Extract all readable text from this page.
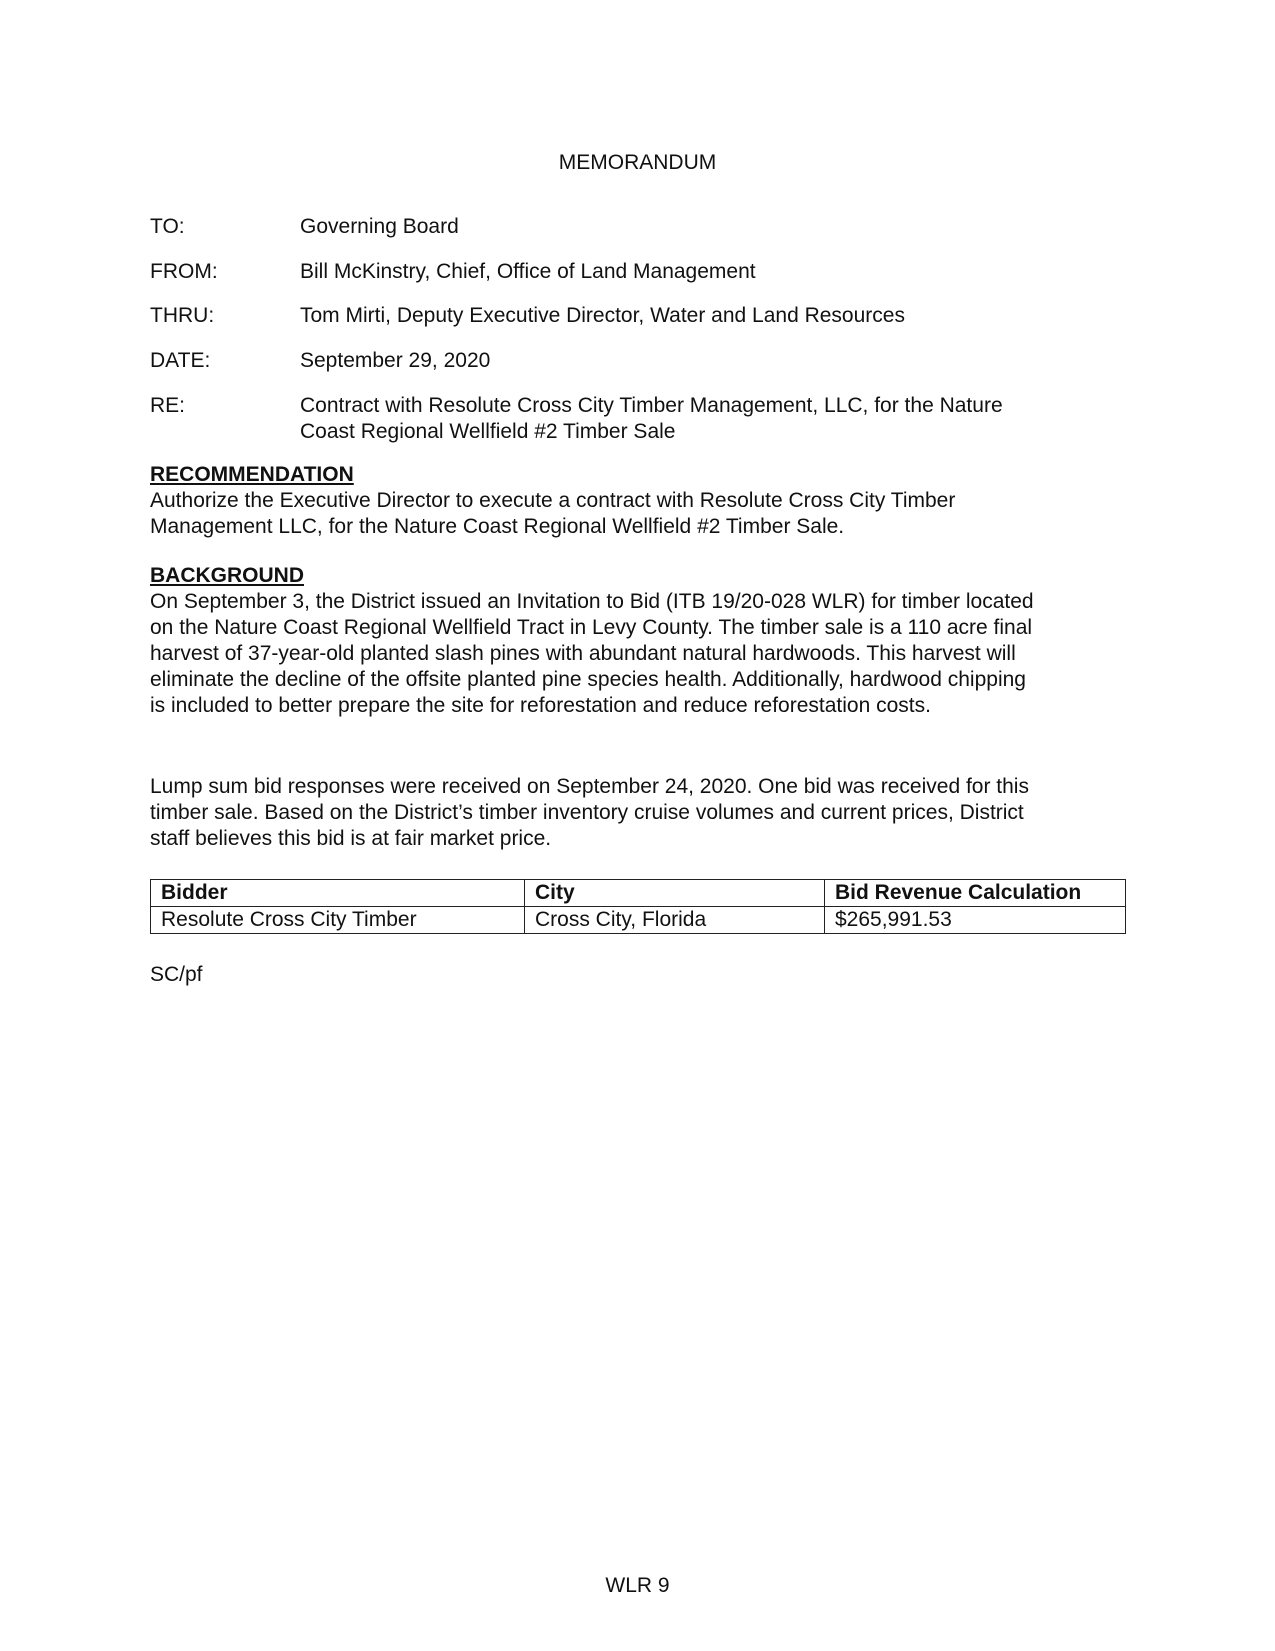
MEMORANDUM
TO:	Governing Board
FROM:	Bill McKinstry, Chief, Office of Land Management
THRU:	Tom Mirti, Deputy Executive Director, Water and Land Resources
DATE:	September 29, 2020
RE:	Contract with Resolute Cross City Timber Management, LLC, for the Nature
Coast Regional Wellfield #2 Timber Sale
RECOMMENDATION
Authorize the Executive Director to execute a contract with Resolute Cross City Timber
Management LLC, for the Nature Coast Regional Wellfield #2 Timber Sale.
BACKGROUND
On September 3, the District issued an Invitation to Bid (ITB 19/20-028 WLR) for timber located
on the Nature Coast Regional Wellfield Tract in Levy County. The timber sale is a 110 acre final
harvest of 37-year-old planted slash pines with abundant natural hardwoods. This harvest will
eliminate the decline of the offsite planted pine species health. Additionally, hardwood chipping
is included to better prepare the site for reforestation and reduce reforestation costs.
Lump sum bid responses were received on September 24, 2020. One bid was received for this
timber sale. Based on the District’s timber inventory cruise volumes and current prices, District
staff believes this bid is at fair market price.
Bidder	City	Bid Revenue Calculation
Resolute Cross City Timber	Cross City, Florida	$265,991.53
SC/pf
WLR 9
